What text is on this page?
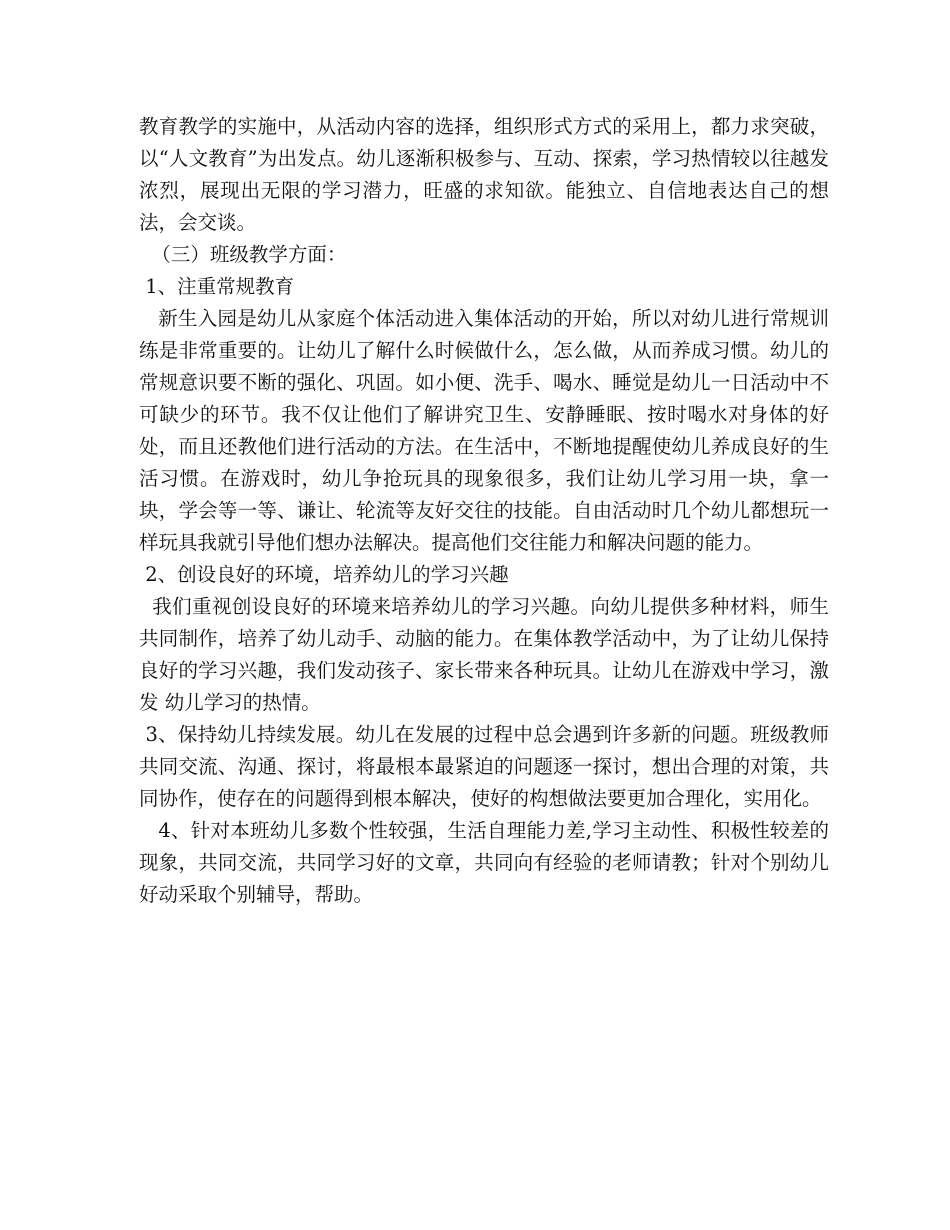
教育教学的实施中，从活动内容的选择，组织形式方式的采用上，都力求突破，以“人文教育”为出发点。幼儿逐渐积极参与、互动、探索，学习热情较以往越发浓烈，展现出无限的学习潜力，旺盛的求知欲。能独立、自信地表达自己的想法，会交谈。

（三）班级教学方面：

1、注重常规教育

新生入园是幼儿从家庭个体活动进入集体活动的开始，所以对幼儿进行常规训练是非常重要的。让幼儿了解什么时候做什么，怎么做，从而养成习惯。幼儿的常规意识要不断的强化、巩固。如小便、洗手、喝水、睡觉是幼儿一日活动中不可缺少的环节。我不仅让他们了解讲究卫生、安静睡眠、按时喝水对身体的好处，而且还教他们进行活动的方法。在生活中，不断地提醒使幼儿养成良好的生活习惯。在游戏时，幼儿争抢玩具的现象很多，我们让幼儿学习用一块，拿一块，学会等一等、谦让、轮流等友好交往的技能。自由活动时几个幼儿都想玩一样玩具我就引导他们想办法解决。提高他们交往能力和解决问题的能力。

2、创设良好的环境，培养幼儿的学习兴趣

我们重视创设良好的环境来培养幼儿的学习兴趣。向幼儿提供多种材料，师生共同制作，培养了幼儿动手、动脑的能力。在集体教学活动中，为了让幼儿保持良好的学习兴趣，我们发动孩子、家长带来各种玩具。让幼儿在游戏中学习，激发 幼儿学习的热情。

3、保持幼儿持续发展。幼儿在发展的过程中总会遇到许多新的问题。班级教师共同交流、沟通、探讨，将最根本最紧迫的问题逐一探讨，想出合理的对策，共同协作，使存在的问题得到根本解决，使好的构想做法要更加合理化，实用化。

4、针对本班幼儿多数个性较强，生活自理能力差,学习主动性、积极性较差的现象，共同交流，共同学习好的文章，共同向有经验的老师请教；针对个别幼儿好动采取个别辅导，帮助。
